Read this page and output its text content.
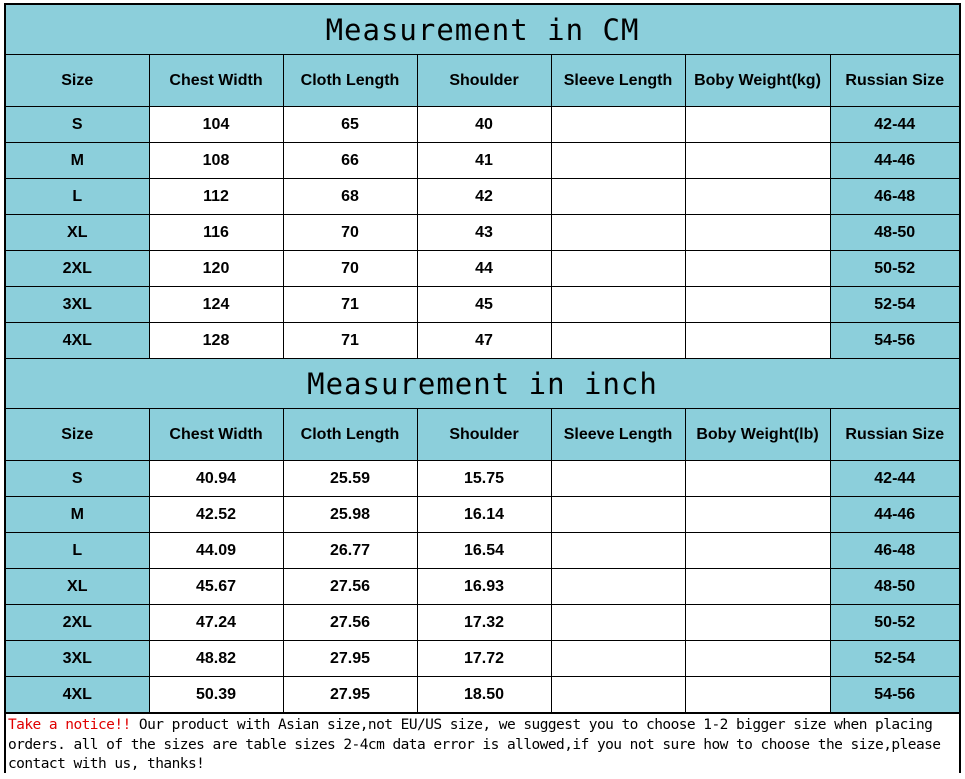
Measurement in CM
Size	Chest Width	Cloth Length	Shoulder	Sleeve Length	Boby Weight(kg)	Russian Size
S	104	65	40			42-44
M	108	66	41			44-46
L	112	68	42			46-48
XL	116	70	43			48-50
2XL	120	70	44			50-52
3XL	124	71	45			52-54
4XL	128	71	47			54-56
Measurement in inch
Size	Chest Width	Cloth Length	Shoulder	Sleeve Length	Boby Weight(lb)	Russian Size
S	40.94	25.59	15.75			42-44
M	42.52	25.98	16.14			44-46
L	44.09	26.77	16.54			46-48
XL	45.67	27.56	16.93			48-50
2XL	47.24	27.56	17.32			50-52
3XL	48.82	27.95	17.72			52-54
4XL	50.39	27.95	18.50			54-56
Take a notice!! Our product with Asian size,not EU/US size, we suggest you to choose 1-2 bigger size when placing orders. all of the sizes are table sizes 2-4cm data error is allowed,if you not sure how to choose the size,please contact with us, thanks!
